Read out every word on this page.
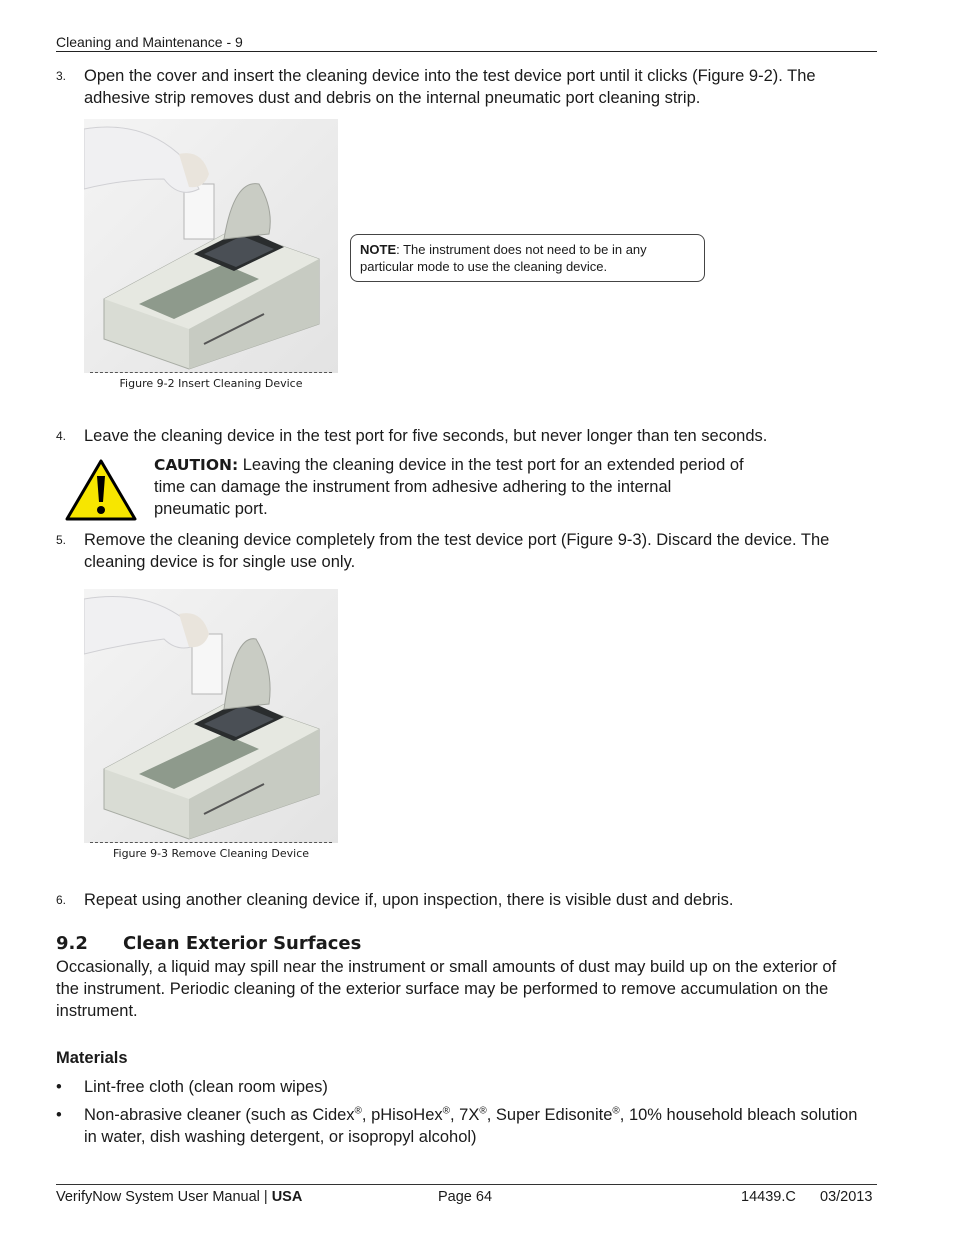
Cleaning and Maintenance - 9
3. Open the cover and insert the cleaning device into the test device port until it clicks (Figure 9-2). The adhesive strip removes dust and debris on the internal pneumatic port cleaning strip.
Figure 9-2 Insert Cleaning Device
NOTE: The instrument does not need to be in any particular mode to use the cleaning device.
4. Leave the cleaning device in the test port for five seconds, but never longer than ten seconds.
CAUTION: Leaving the cleaning device in the test port for an extended period of time can damage the instrument from adhesive adhering to the internal pneumatic port.
5. Remove the cleaning device completely from the test device port (Figure 9-3). Discard the device. The cleaning device is for single use only.
Figure 9-3 Remove Cleaning Device
6. Repeat using another cleaning device if, upon inspection, there is visible dust and debris.
9.2 Clean Exterior Surfaces
Occasionally, a liquid may spill near the instrument or small amounts of dust may build up on the exterior of the instrument. Periodic cleaning of the exterior surface may be performed to remove accumulation on the instrument.
Materials
•	Lint-free cloth (clean room wipes)
•	Non-abrasive cleaner (such as Cidex®, pHisoHex®, 7X®, Super Edisonite®, 10% household bleach solution in water, dish washing detergent, or isopropyl alcohol)
VerifyNow System User Manual | USA	Page 64	14439.C 03/2013
